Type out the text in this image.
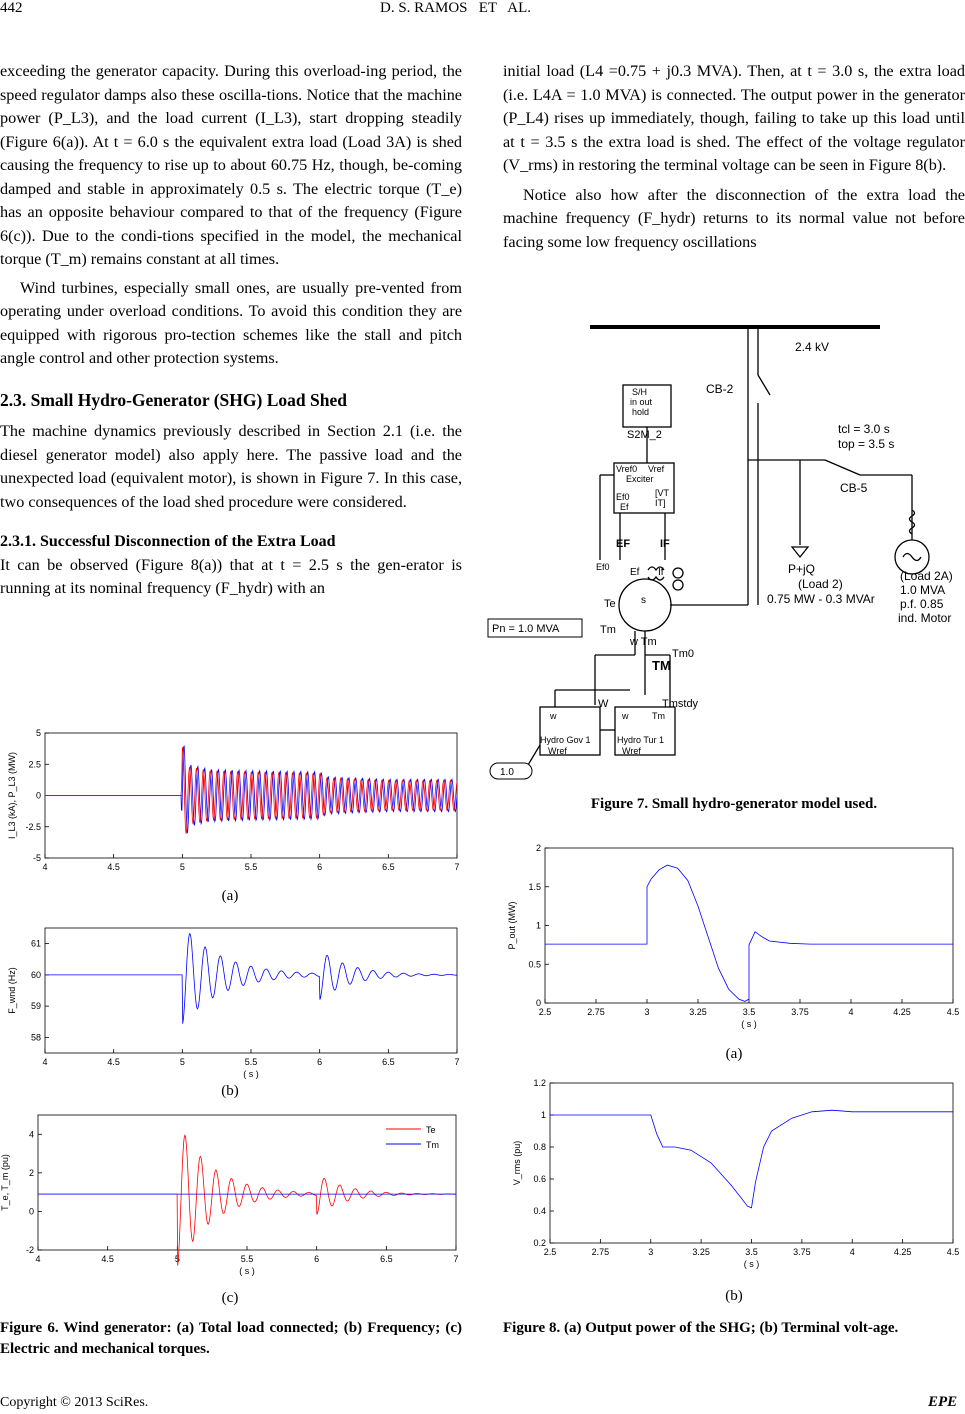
442	D. S. RAMOS   ET   AL.

exceeding the generator capacity. During this overload-ing period, the speed regulator damps also these oscilla-tions. Notice that the machine power (P_L3), and the load current (I_L3), start dropping steadily (Figure 6(a)). At t = 6.0 s the equivalent extra load (Load 3A) is shed causing the frequency to rise up to about 60.75 Hz, though, be-coming damped and stable in approximately 0.5 s. The electric torque (T_e) has an opposite behaviour compared to that of the frequency (Figure 6(c)). Due to the condi-tions specified in the model, the mechanical torque (T_m) remains constant at all times.

Wind turbines, especially small ones, are usually pre-vented from operating under overload conditions. To avoid this condition they are equipped with rigorous pro-tection schemes like the stall and pitch angle control and other protection systems.

2.3. Small Hydro-Generator (SHG) Load Shed

The machine dynamics previously described in Section 2.1 (i.e. the diesel generator model) also apply here. The passive load and the unexpected load (equivalent motor), is shown in Figure 7. In this case, two consequences of the load shed procedure were considered.

2.3.1. Successful Disconnection of the Extra Load

It can be observed (Figure 8(a)) that at t = 2.5 s the gen-erator is running at its nominal frequency (F_hydr) with an

initial load (L4 =0.75 + j0.3 MVA). Then, at t = 3.0 s, the extra load (i.e. L4A = 1.0 MVA) is connected. The output power in the generator (P_L4) rises up immediately, though, failing to take up this load until at t = 3.5 s the extra load is shed. The effect of the voltage regulator (V_rms) in restoring the terminal voltage can be seen in Figure 8(b).

Notice also how after the disconnection of the extra load the machine frequency (F_hydr) returns to its normal value not before facing some low frequency oscillations

4	4.5	5	5.5	6	6.5	7
-5
-2.5
0
2.5
5
I_L3 (kA), P_L3 (MW)
(a)
4	4.5	5	5.5	6	6.5	7
58
59
60
61
( s )
F_wnd (Hz)
(b)
4	4.5	5	5.5	6	6.5	7
-2
0
2
4
( s )
T_e, T_m (pu)
Te
Tm
(c)
Figure 6. Wind generator: (a) Total load connected; (b) Frequency; (c) Electric and mechanical torques.
2.4 kV
CB-2
CB-5
S/H
in out
hold
S2M_2	tcl = 3.0 s
top = 3.5 s
Vref0 Vref
Exciter
Ef0
Ef
[VT
IT]
EF	IF
Ef If
Ef0	P+jQ
(Load 2)
0.75 MW - 0.3 MVAr
(Load 2A)
1.0 MVA
p.f. 0.85
ind. Motor
Pn = 1.0 MVA
s
Te
Tm
w Tm
TM
Tm0
W	Tmstdy
w
Hydro Gov 1
Wref
w	Tm
Hydro Tur 1
Wref
1.0
Figure 7. Small hydro-generator model used.
2.5	2.75	3	3.25	3.5	3.75	4	4.25	4.5
0
0.5
1
1.5
2
( s )
P_out (MW)
(a)
2.5	2.75	3	3.25	3.5	3.75	4	4.25	4.5
0.2
0.4
0.6
0.8
1
1.2
( s )
V_rms (pu)
(b)
Figure 8. (a) Output power of the SHG; (b) Terminal volt-age.
Copyright © 2013 SciRes.	EPE
